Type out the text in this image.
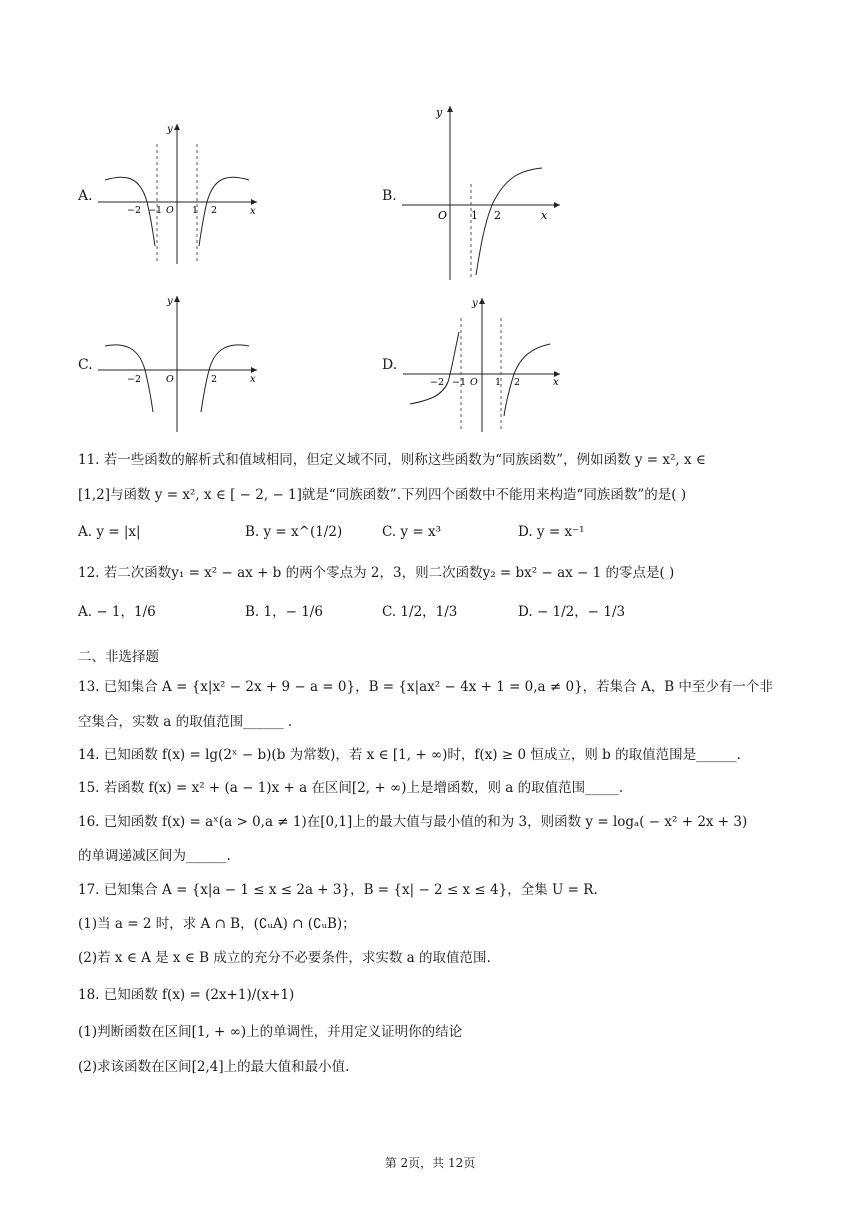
A.
y
x
−2 −1 O 1 2
B.
y
x
O 1 2
C.
y
x
−2	O	2
D.
y
x
−2 −1 O 1 2
11. 若一些函数的解析式和值域相同，但定义域不同，则称这些函数为“同族函数”，例如函数 y = x², x ∈
[1,2]与函数 y = x², x ∈ [ − 2, − 1]就是“同族函数”.下列四个函数中不能用来构造“同族函数”的是( )
A. y = |x|	B. y = x^(1/2)	C. y = x³	D. y = x⁻¹
12. 若二次函数y₁ = x² − ax + b 的两个零点为 2，3，则二次函数y₂ = bx² − ax − 1 的零点是( )
A. − 1，1/6	B. 1，− 1/6	C. 1/2，1/3	D. − 1/2，− 1/3
二、非选择题
13. 已知集合 A = {x|x² − 2x + 9 − a = 0}，B = {x|ax² − 4x + 1 = 0,a ≠ 0}，若集合 A，B 中至少有一个非
空集合，实数 a 的取值范围______ .
14. 已知函数 f(x) = lg(2ˣ − b)(b 为常数)，若 x ∈ [1, + ∞)时，f(x) ≥ 0 恒成立，则 b 的取值范围是______.
15. 若函数 f(x) = x² + (a − 1)x + a 在区间[2, + ∞)上是增函数，则 a 的取值范围_____.
16. 已知函数 f(x) = aˣ(a > 0,a ≠ 1)在[0,1]上的最大值与最小值的和为 3，则函数 y = logₐ( − x² + 2x + 3)
的单调递减区间为______.
17. 已知集合 A = {x|a − 1 ≤ x ≤ 2a + 3}，B = {x| − 2 ≤ x ≤ 4}，全集 U = R.
(1)当 a = 2 时，求 A ∩ B，(∁ᵤA) ∩ (∁ᵤB)；
(2)若 x ∈ A 是 x ∈ B 成立的充分不必要条件，求实数 a 的取值范围.
18. 已知函数 f(x) = (2x+1)/(x+1)
(1)判断函数在区间[1, + ∞)上的单调性，并用定义证明你的结论
(2)求该函数在区间[2,4]上的最大值和最小值.
第 2页，共 12页
